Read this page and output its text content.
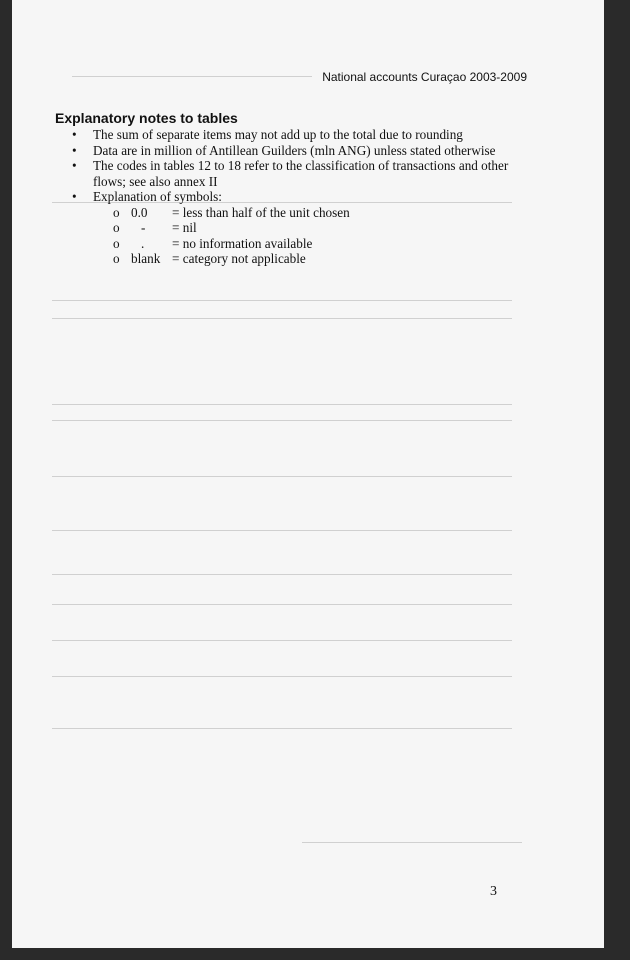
National accounts Curaçao 2003-2009
Explanatory notes to tables
• The sum of separate items may not add up to the total due to rounding
• Data are in million of Antillean Guilders (mln ANG) unless stated otherwise
• The codes in tables 12 to 18 refer to the classification of transactions and other flows; see also annex II
• Explanation of symbols:
o 0.0 = less than half of the unit chosen
o - = nil
o . = no information available
o blank = category not applicable
3
